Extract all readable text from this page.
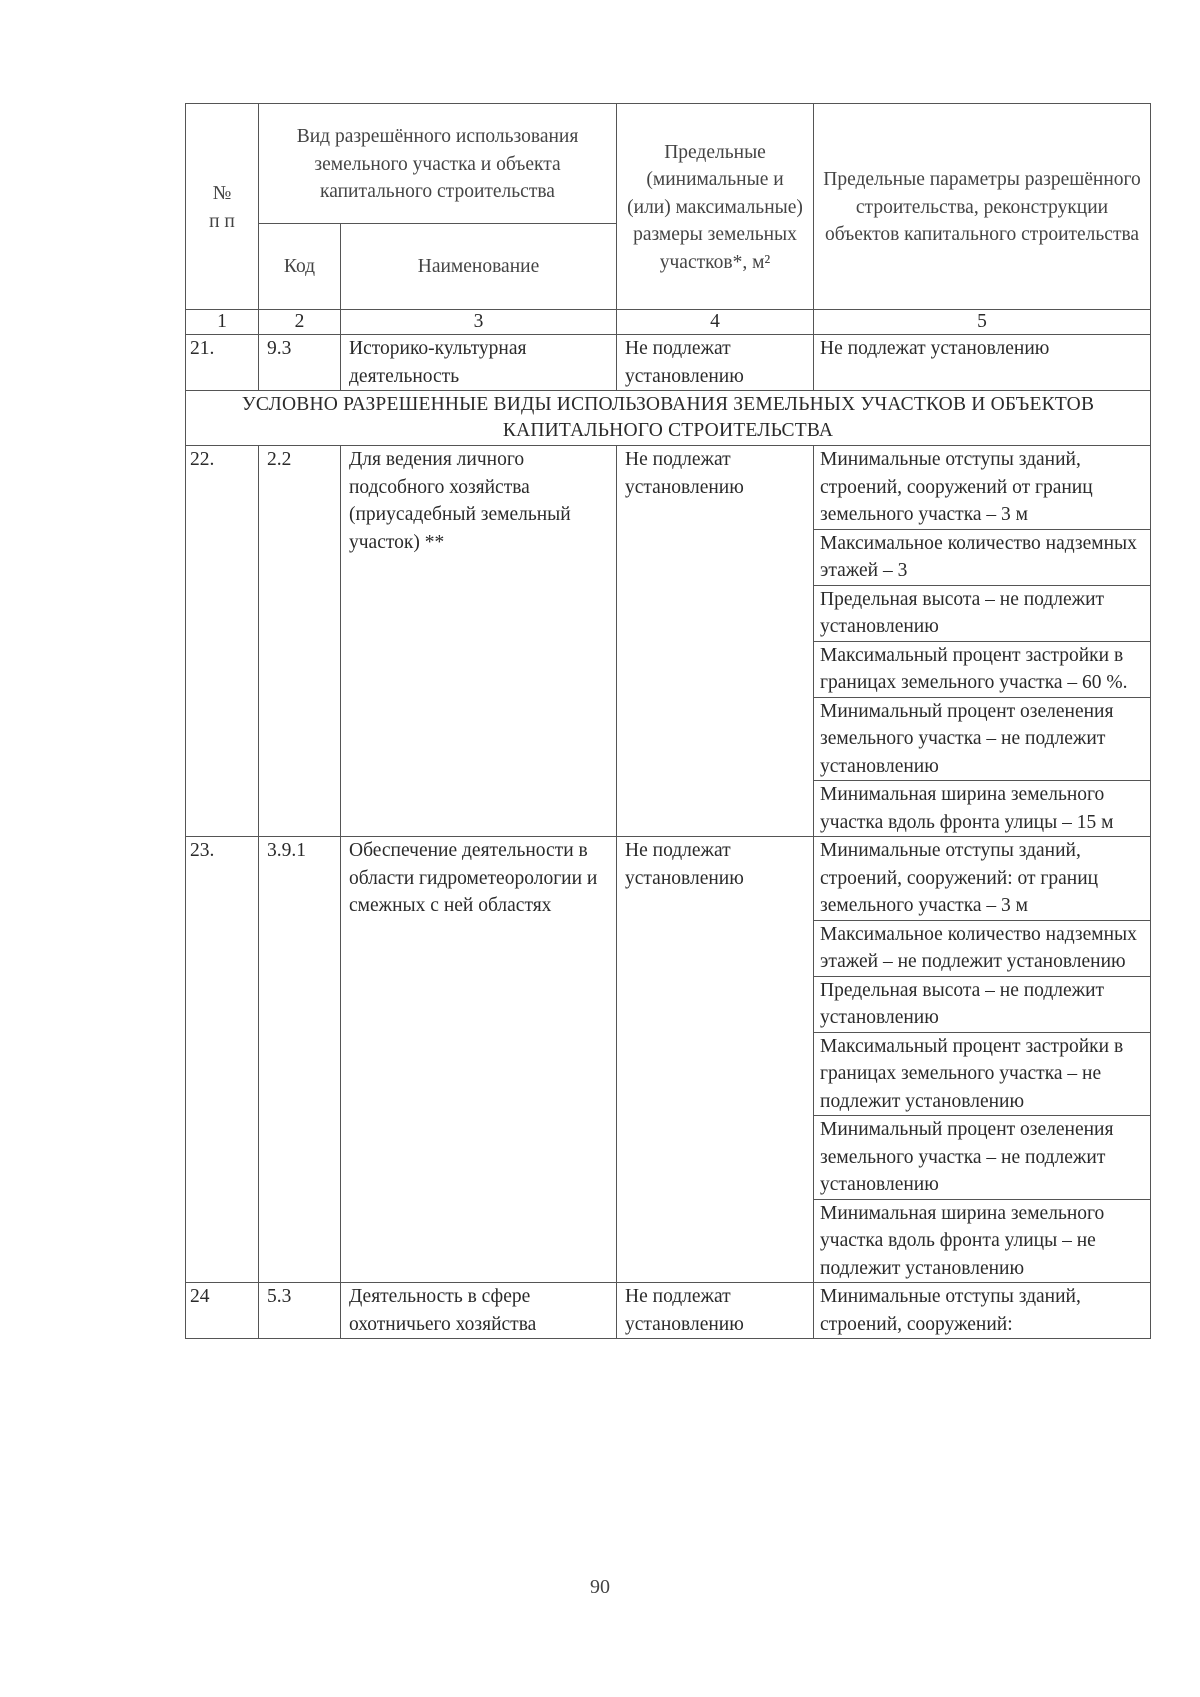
№
п п	Вид разрешённого использования земельного участка и объекта капитального строительства		Предельные (минимальные и (или) максимальные) размеры земельных участков*, м²	Предельные параметры разрешённого строительства, реконструкции объектов капитального строительства
	Код	Наименование		
1	2	3	4	5
21.	9.3	Историко-культурная деятельность	Не подлежат установлению	Не подлежат установлению
УСЛОВНО РАЗРЕШЕННЫЕ ВИДЫ ИСПОЛЬЗОВАНИЯ ЗЕМЕЛЬНЫХ УЧАСТКОВ И ОБЪЕКТОВ КАПИТАЛЬНОГО СТРОИТЕЛЬСТВА				
22.	2.2	Для ведения личного подсобного хозяйства (приусадебный земельный участок) **	Не подлежат установлению	Минимальные отступы зданий, строений, сооружений от границ земельного участка – 3 м
				Максимальное количество надземных этажей – 3
				Предельная высота – не подлежит установлению
				Максимальный процент застройки в границах земельного участка – 60 %.
				Минимальный процент озеленения земельного участка – не подлежит установлению
				Минимальная ширина земельного участка вдоль фронта улицы – 15 м
23.	3.9.1	Обеспечение деятельности в области гидрометеорологии и смежных с ней областях	Не подлежат установлению	Минимальные отступы зданий, строений, сооружений: от границ земельного участка – 3 м
				Максимальное количество надземных этажей – не подлежит установлению
				Предельная высота – не подлежит установлению
				Максимальный процент застройки в границах земельного участка – не подлежит установлению
				Минимальный процент озеленения земельного участка – не подлежит установлению
				Минимальная ширина земельного участка вдоль фронта улицы – не подлежит установлению
24	5.3	Деятельность в сфере охотничьего хозяйства	Не подлежат установлению	Минимальные отступы зданий, строений, сооружений:
90
